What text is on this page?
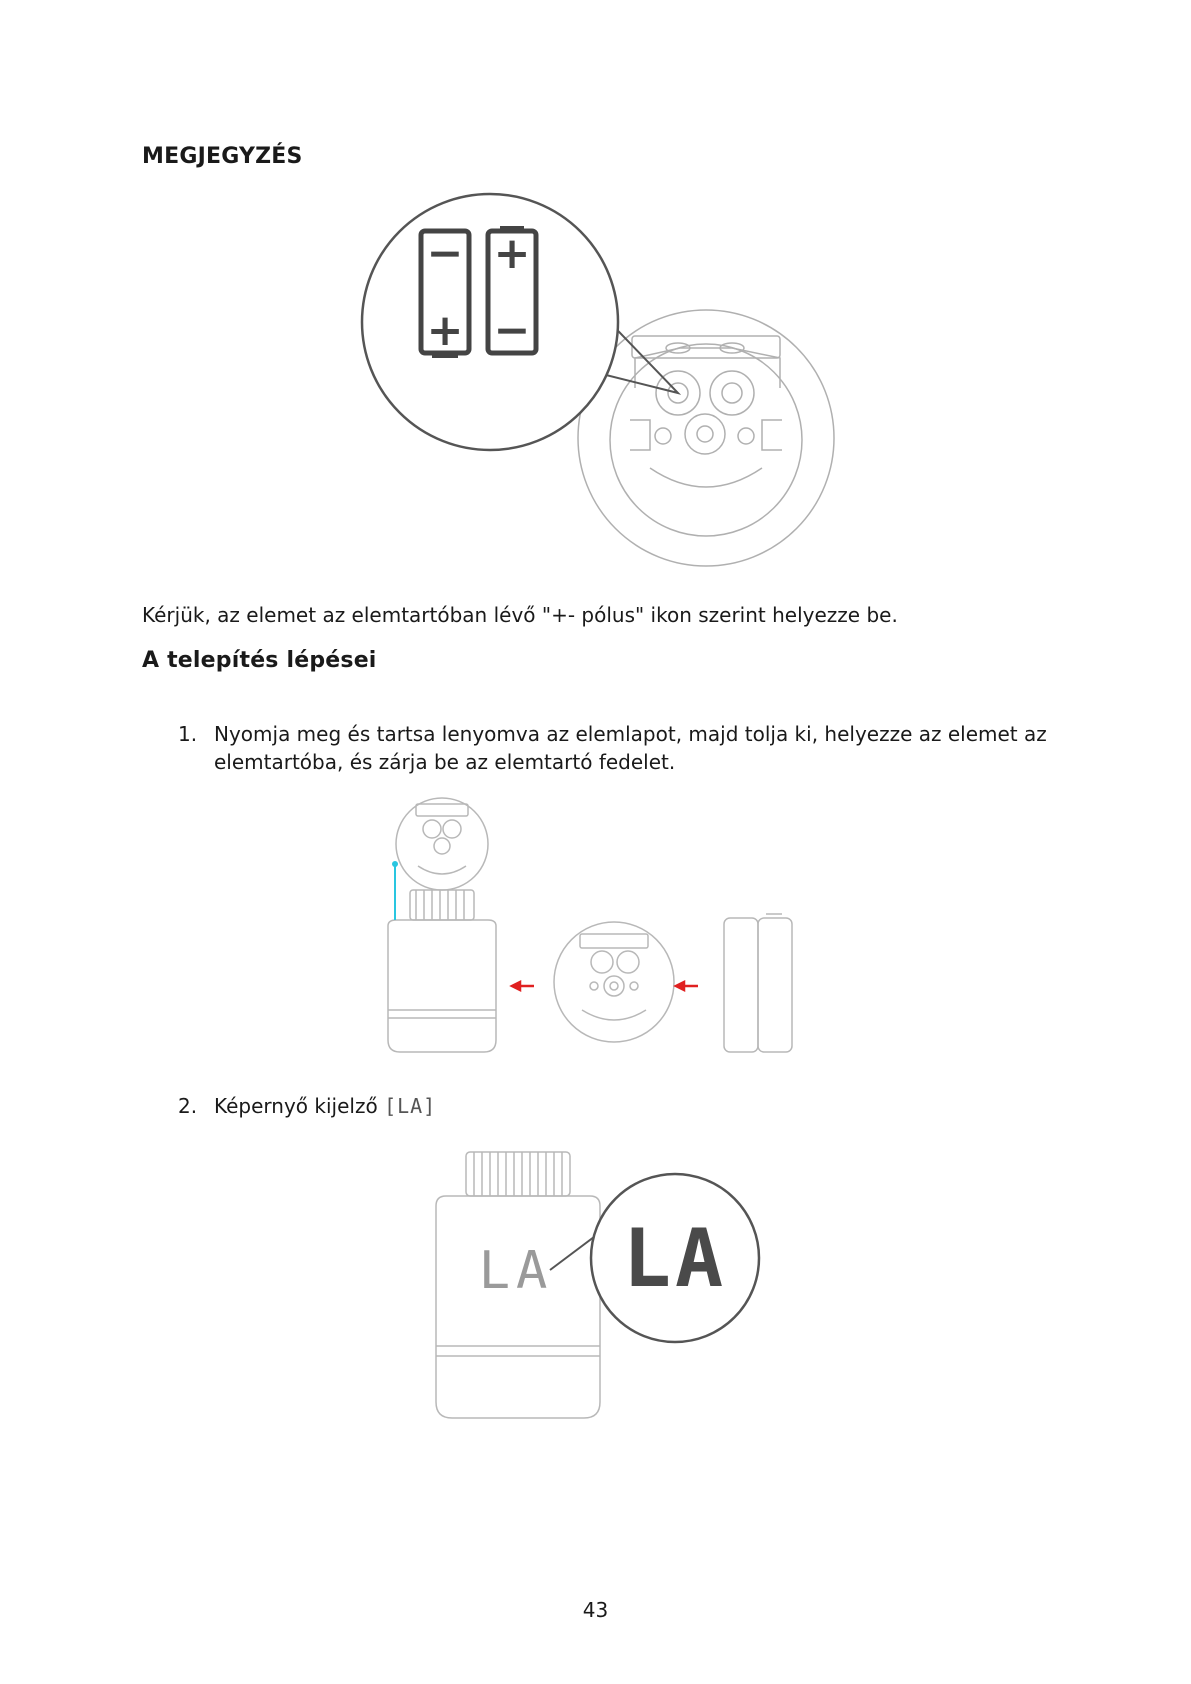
MEGJEGYZÉS
−
+
+
−
Kérjük, az elemet az elemtartóban lévő "+- pólus" ikon szerint helyezze be.
A telepítés lépései
1. Nyomja meg és tartsa lenyomva az elemlapot, majd tolja ki, helyezze az elemet az elemtartóba, és zárja be az elemtartó fedelet.
2. Képernyő kijelző [LA]
LA LA
43
